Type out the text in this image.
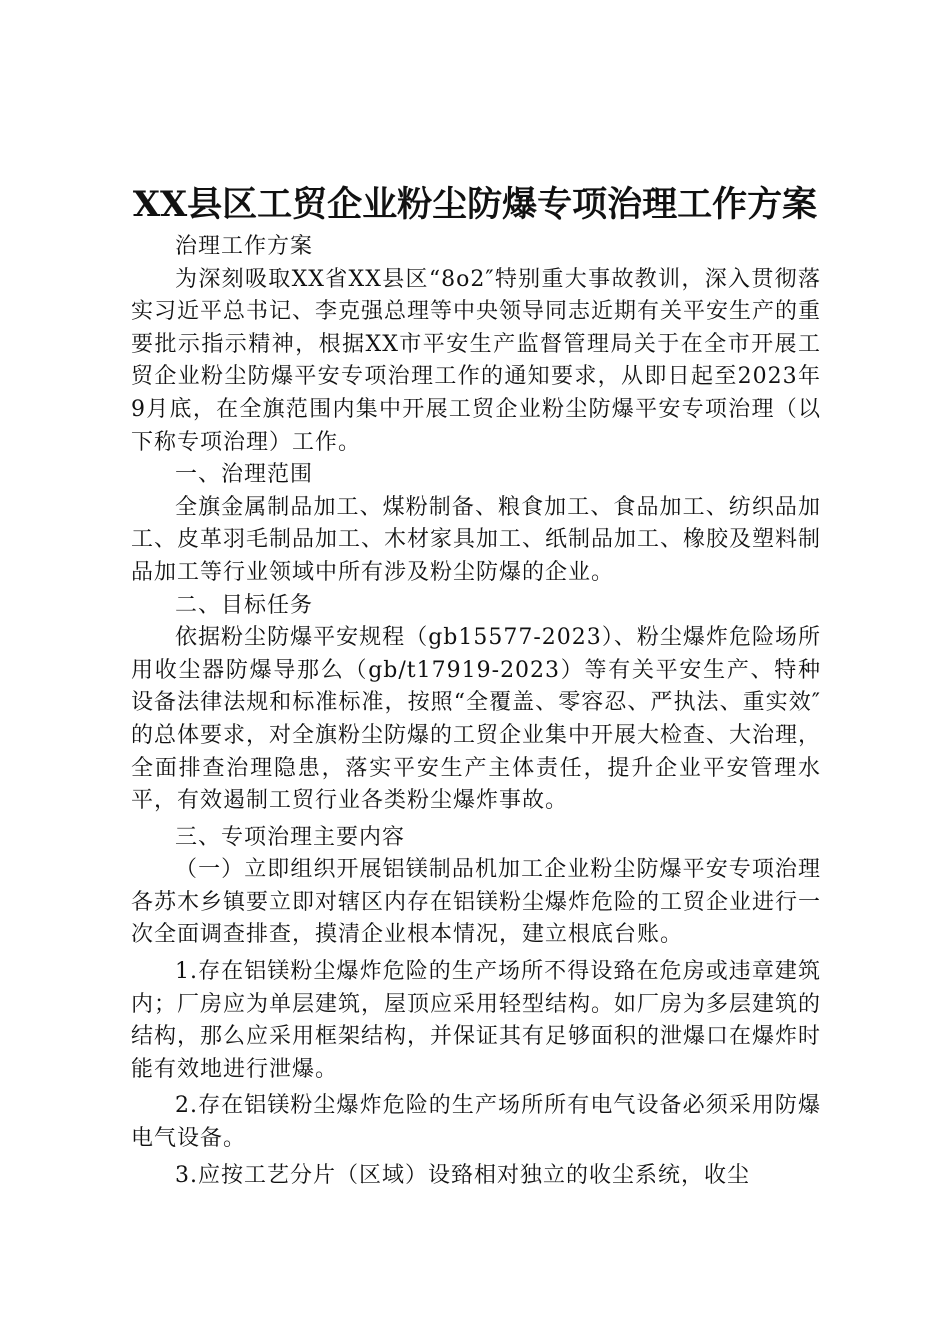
XX县区工贸企业粉尘防爆专项治理工作方案

治理工作方案

为深刻吸取XX省XX县区“8o2″特别重大事故教训，深入贯彻落实习近平总书记、李克强总理等中央领导同志近期有关平安生产的重要批示指示精神，根据XX市平安生产监督管理局关于在全市开展工贸企业粉尘防爆平安专项治理工作的通知要求，从即日起至2023年9月底，在全旗范围内集中开展工贸企业粉尘防爆平安专项治理（以下称专项治理）工作。

一、治理范围

全旗金属制品加工、煤粉制备、粮食加工、食品加工、纺织品加工、皮革羽毛制品加工、木材家具加工、纸制品加工、橡胶及塑料制品加工等行业领域中所有涉及粉尘防爆的企业。

二、目标任务

依据粉尘防爆平安规程（gb15577-2023）、粉尘爆炸危险场所用收尘器防爆导那么（gb/t17919-2023）等有关平安生产、特种设备法律法规和标准标准，按照“全覆盖、零容忍、严执法、重实效″的总体要求，对全旗粉尘防爆的工贸企业集中开展大检查、大治理，全面排查治理隐患，落实平安生产主体责任，提升企业平安管理水平，有效遏制工贸行业各类粉尘爆炸事故。

三、专项治理主要内容

（一）立即组织开展铝镁制品机加工企业粉尘防爆平安专项治理各苏木乡镇要立即对辖区内存在铝镁粉尘爆炸危险的工贸企业进行一次全面调查排查，摸清企业根本情况，建立根底台账。

1.存在铝镁粉尘爆炸危险的生产场所不得设臵在危房或违章建筑内；厂房应为单层建筑，屋顶应采用轻型结构。如厂房为多层建筑的结构，那么应采用框架结构，并保证其有足够面积的泄爆口在爆炸时能有效地进行泄爆。

2.存在铝镁粉尘爆炸危险的生产场所所有电气设备必须采用防爆电气设备。

3.应按工艺分片（区域）设臵相对独立的收尘系统，收尘
